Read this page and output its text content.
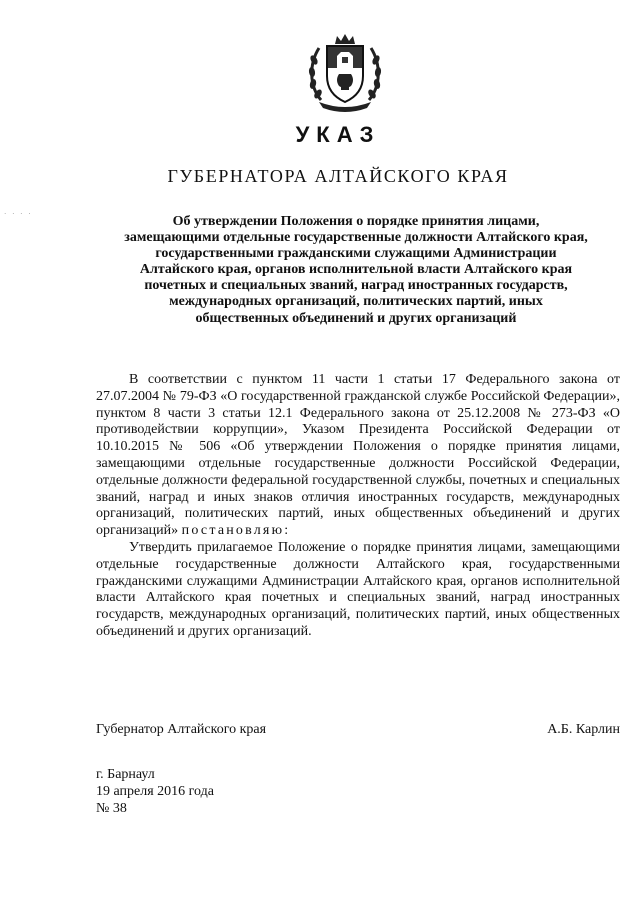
УКАЗ
ГУБЕРНАТОРА АЛТАЙСКОГО КРАЯ
· · · ·	Об утверждении Положения о порядке принятия лицами,
замещающими отдельные государственные должности Алтайского края,
государственными гражданскими служащими Администрации
Алтайского края, органов исполнительной власти Алтайского края
почетных и специальных званий, наград иностранных государств,
международных организаций, политических партий, иных
общественных объединений и других организаций

В соответствии с пунктом 11 части 1 статьи 17 Федерального закона от 27.07.2004 № 79-ФЗ «О государственной гражданской службе Российской Федерации», пунктом 8 части 3 статьи 12.1 Федерального закона от 25.12.2008 № 273-ФЗ «О противодействии коррупции», Указом Президента Российской Федерации от 10.10.2015 № 506 «Об утверждении Положения о порядке принятия лицами, замещающими отдельные государственные должности Российской Федерации, отдельные должности федеральной государственной службы, почетных и специальных званий, наград и иных знаков отличия иностранных государств, международных организаций, политических партий, иных общественных объединений и других организаций» постановляю:

Утвердить прилагаемое Положение о порядке принятия лицами, замещающими отдельные государственные должности Алтайского края, государственными гражданскими служащими Администрации Алтайского края, органов исполнительной власти Алтайского края почетных и специальных званий, наград иностранных государств, международных организаций, политических партий, иных общественных объединений и других организаций.

Губернатор Алтайского края	А.Б. Карлин
г. Барнаул
19 апреля 2016 года
№ 38
